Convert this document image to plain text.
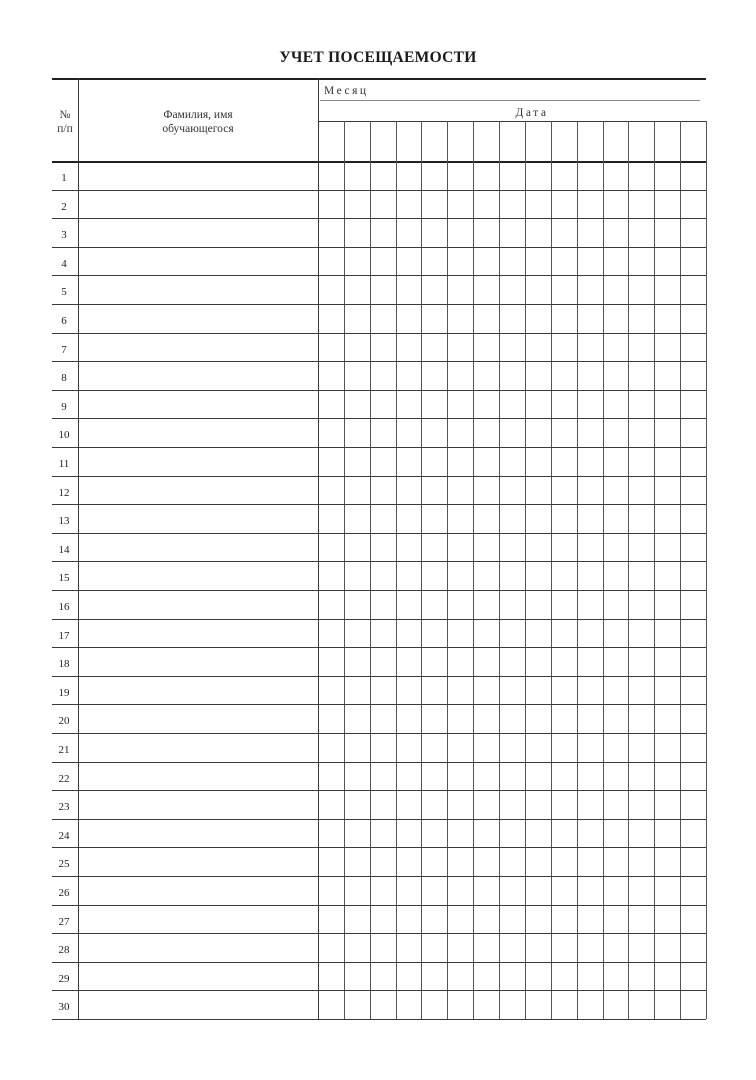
УЧЕТ ПОСЕЩАЕМОСТИ
№
п/п
Фамилия, имя
обучающегося
Месяц
Дата
1
2
3
4
5
6
7
8
9
10
11
12
13
14
15
16
17
18
19
20
21
22
23
24
25
26
27
28
29
30
